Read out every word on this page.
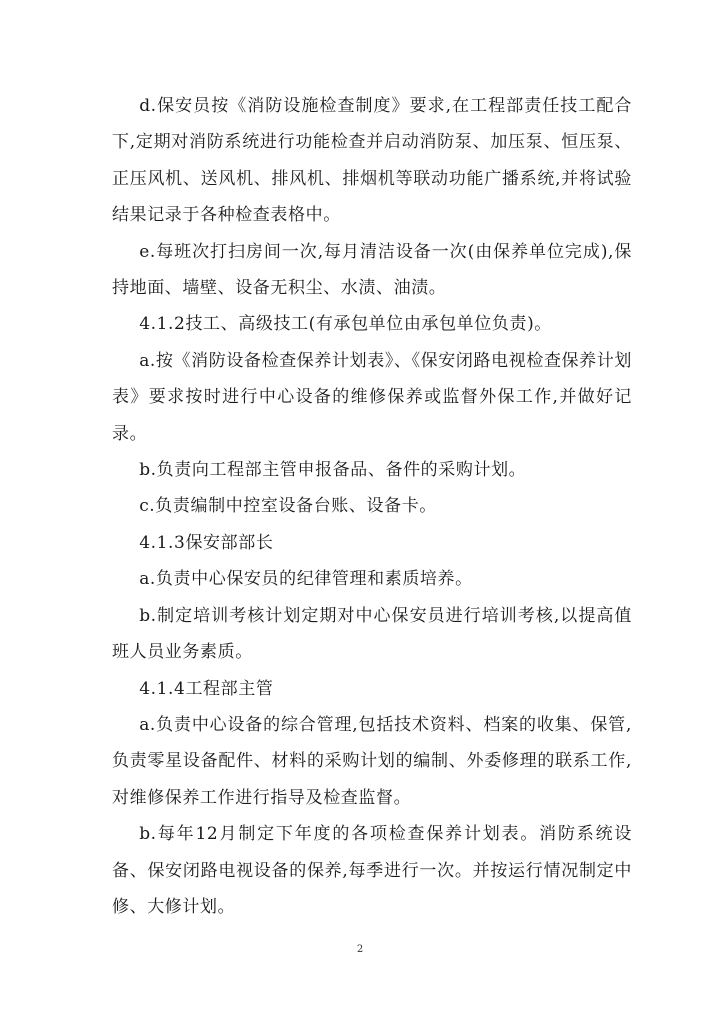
d.保安员按《消防设施检查制度》要求,在工程部责任技工配合下,定期对消防系统进行功能检查并启动消防泵、加压泵、恒压泵、正压风机、送风机、排风机、排烟机等联动功能广播系统,并将试验结果记录于各种检查表格中。

e.每班次打扫房间一次,每月清洁设备一次(由保养单位完成),保持地面、墙壁、设备无积尘、水渍、油渍。

4.1.2技工、高级技工(有承包单位由承包单位负责)。

a.按《消防设备检查保养计划表》、《保安闭路电视检查保养计划表》要求按时进行中心设备的维修保养或监督外保工作,并做好记录。

b.负责向工程部主管申报备品、备件的采购计划。

c.负责编制中控室设备台账、设备卡。

4.1.3保安部部长

a.负责中心保安员的纪律管理和素质培养。

b.制定培训考核计划定期对中心保安员进行培训考核,以提高值班人员业务素质。

4.1.4工程部主管

a.负责中心设备的综合管理,包括技术资料、档案的收集、保管,负责零星设备配件、材料的采购计划的编制、外委修理的联系工作,对维修保养工作进行指导及检查监督。

b.每年12月制定下年度的各项检查保养计划表。消防系统设备、保安闭路电视设备的保养,每季进行一次。并按运行情况制定中修、大修计划。

2
